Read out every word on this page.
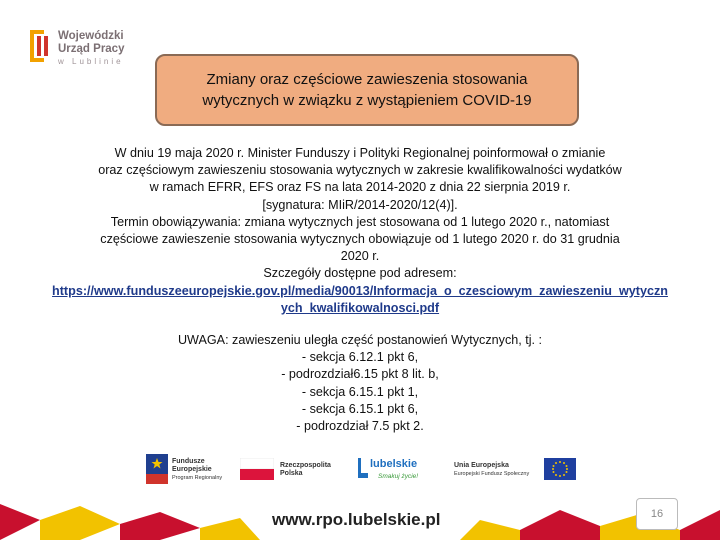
Wojewódzki
Urząd Pracy
w Lublinie
Zmiany oraz częściowe zawieszenia stosowania
wytycznych w związku z wystąpieniem COVID-19
W dniu 19 maja 2020 r. Minister Funduszy i Polityki Regionalnej poinformował o zmianie
oraz częściowym zawieszeniu stosowania wytycznych w zakresie kwalifikowalności wydatków
w ramach EFRR, EFS oraz FS na lata 2014-2020 z dnia 22 sierpnia 2019 r.
[sygnatura: MIiR/2014-2020/12(4)].
Termin obowiązywania: zmiana wytycznych jest stosowana od 1 lutego 2020 r., natomiast
częściowe zawieszenie stosowania wytycznych obowiązuje od 1 lutego 2020 r. do 31 grudnia
2020 r.
Szczegóły dostępne pod adresem:
https://www.funduszeeuropejskie.gov.pl/media/90013/Informacja_o_czesciowym_zawieszeniu_wytycznych_kwalifikowalnosci.pdf
UWAGA: zawieszeniu uległa część postanowień Wytycznych, tj. :
- sekcja 6.12.1 pkt 6,
- podrozdział6.15 pkt 8 lit. b,
- sekcja 6.15.1 pkt 1,
- sekcja 6.15.1 pkt 6,
- podrozdział 7.5 pkt 2.
Fundusze
Europejskie
Program Regionalny
Rzeczpospolita
Polska
lubelskie
Smakuj życie!
Unia Europejska
Europejski Fundusz Społeczny
www.rpo.lubelskie.pl	16
